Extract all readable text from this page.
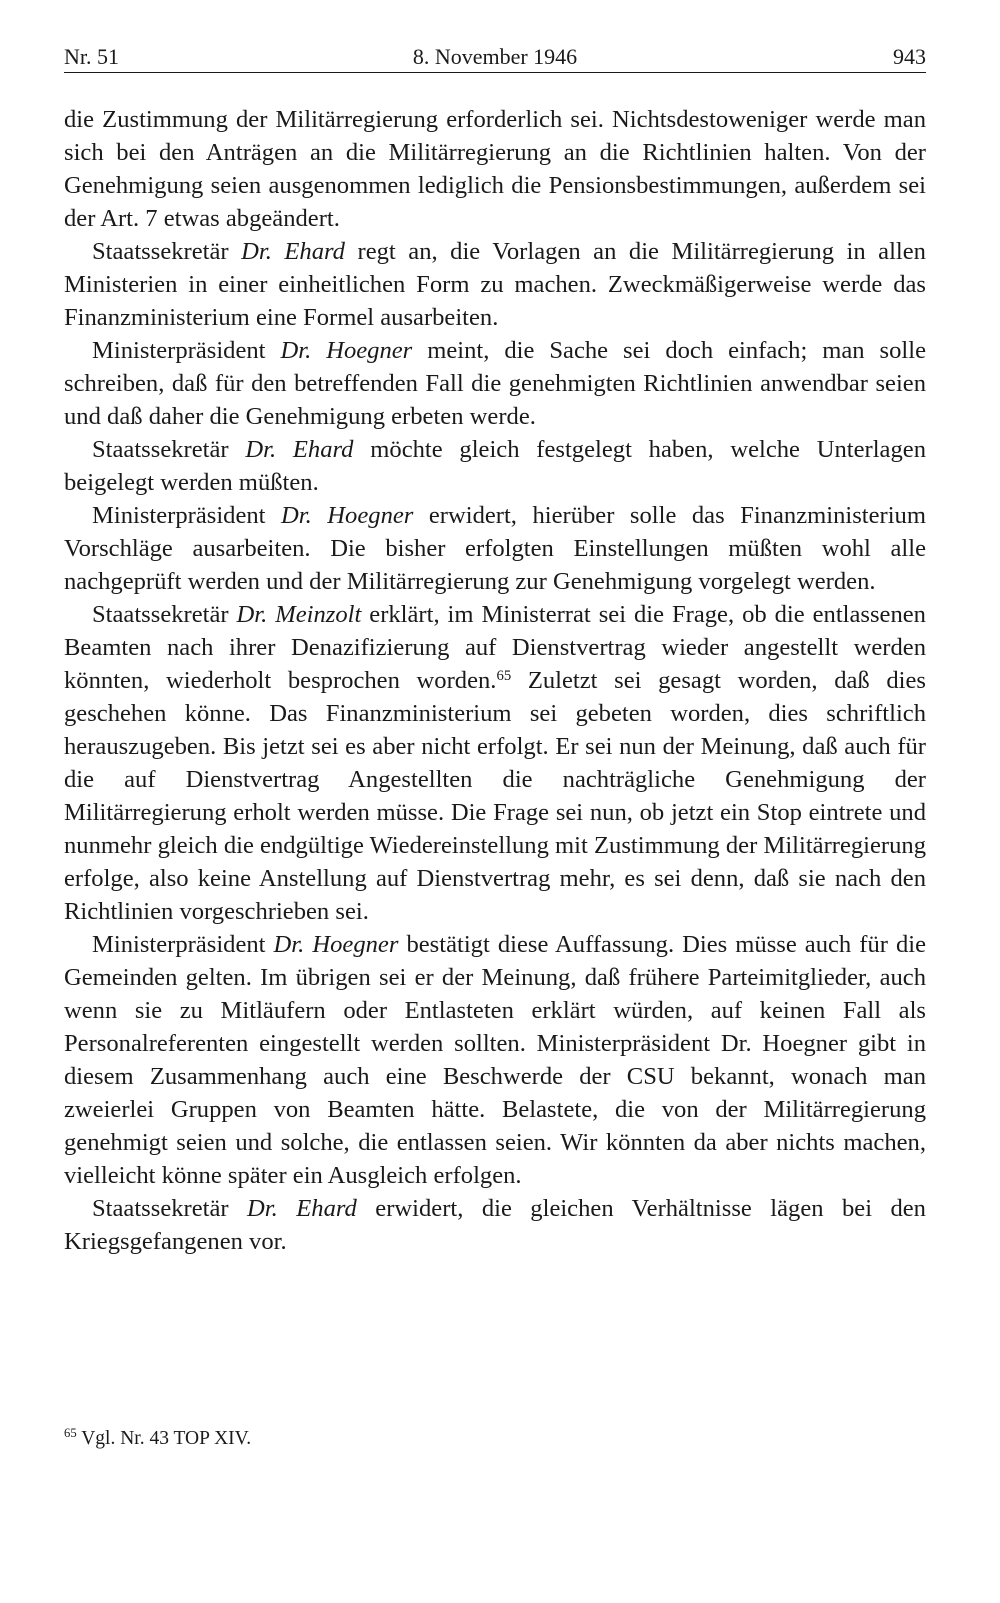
Nr. 51	8. November 1946	943

die Zustimmung der Militärregierung erforderlich sei. Nichtsdestoweniger werde man sich bei den Anträgen an die Militärregierung an die Richtlinien halten. Von der Genehmigung seien ausgenommen lediglich die Pensionsbestimmungen, außerdem sei der Art. 7 etwas abgeändert.

Staatssekretär Dr. Ehard regt an, die Vorlagen an die Militärregierung in allen Ministerien in einer einheitlichen Form zu machen. Zweckmäßigerweise werde das Finanzministerium eine Formel ausarbeiten.

Ministerpräsident Dr. Hoegner meint, die Sache sei doch einfach; man solle schreiben, daß für den betreffenden Fall die genehmigten Richtlinien anwendbar seien und daß daher die Genehmigung erbeten werde.

Staatssekretär Dr. Ehard möchte gleich festgelegt haben, welche Unterlagen beigelegt werden müßten.

Ministerpräsident Dr. Hoegner erwidert, hierüber solle das Finanzministerium Vorschläge ausarbeiten. Die bisher erfolgten Einstellungen müßten wohl alle nachgeprüft werden und der Militärregierung zur Genehmigung vorgelegt werden.

Staatssekretär Dr. Meinzolt erklärt, im Ministerrat sei die Frage, ob die entlassenen Beamten nach ihrer Denazifizierung auf Dienstvertrag wieder angestellt werden könnten, wiederholt besprochen worden.$^{65}$ Zuletzt sei gesagt worden, daß dies geschehen könne. Das Finanzministerium sei gebeten worden, dies schriftlich herauszugeben. Bis jetzt sei es aber nicht erfolgt. Er sei nun der Meinung, daß auch für die auf Dienstvertrag Angestellten die nachträgliche Genehmigung der Militärregierung erholt werden müsse. Die Frage sei nun, ob jetzt ein Stop eintrete und nunmehr gleich die endgültige Wiedereinstellung mit Zustimmung der Militärregierung erfolge, also keine Anstellung auf Dienstvertrag mehr, es sei denn, daß sie nach den Richtlinien vorgeschrieben sei.

Ministerpräsident Dr. Hoegner bestätigt diese Auffassung. Dies müsse auch für die Gemeinden gelten. Im übrigen sei er der Meinung, daß frühere Parteimitglieder, auch wenn sie zu Mitläufern oder Entlasteten erklärt würden, auf keinen Fall als Personalreferenten eingestellt werden sollten. Ministerpräsident Dr. Hoegner gibt in diesem Zusammenhang auch eine Beschwerde der CSU bekannt, wonach man zweierlei Gruppen von Beamten hätte. Belastete, die von der Militärregierung genehmigt seien und solche, die entlassen seien. Wir könnten da aber nichts machen, vielleicht könne später ein Ausgleich erfolgen.

Staatssekretär Dr. Ehard erwidert, die gleichen Verhältnisse lägen bei den Kriegsgefangenen vor.

$^{65}$ Vgl. Nr. 43 TOP XIV.
